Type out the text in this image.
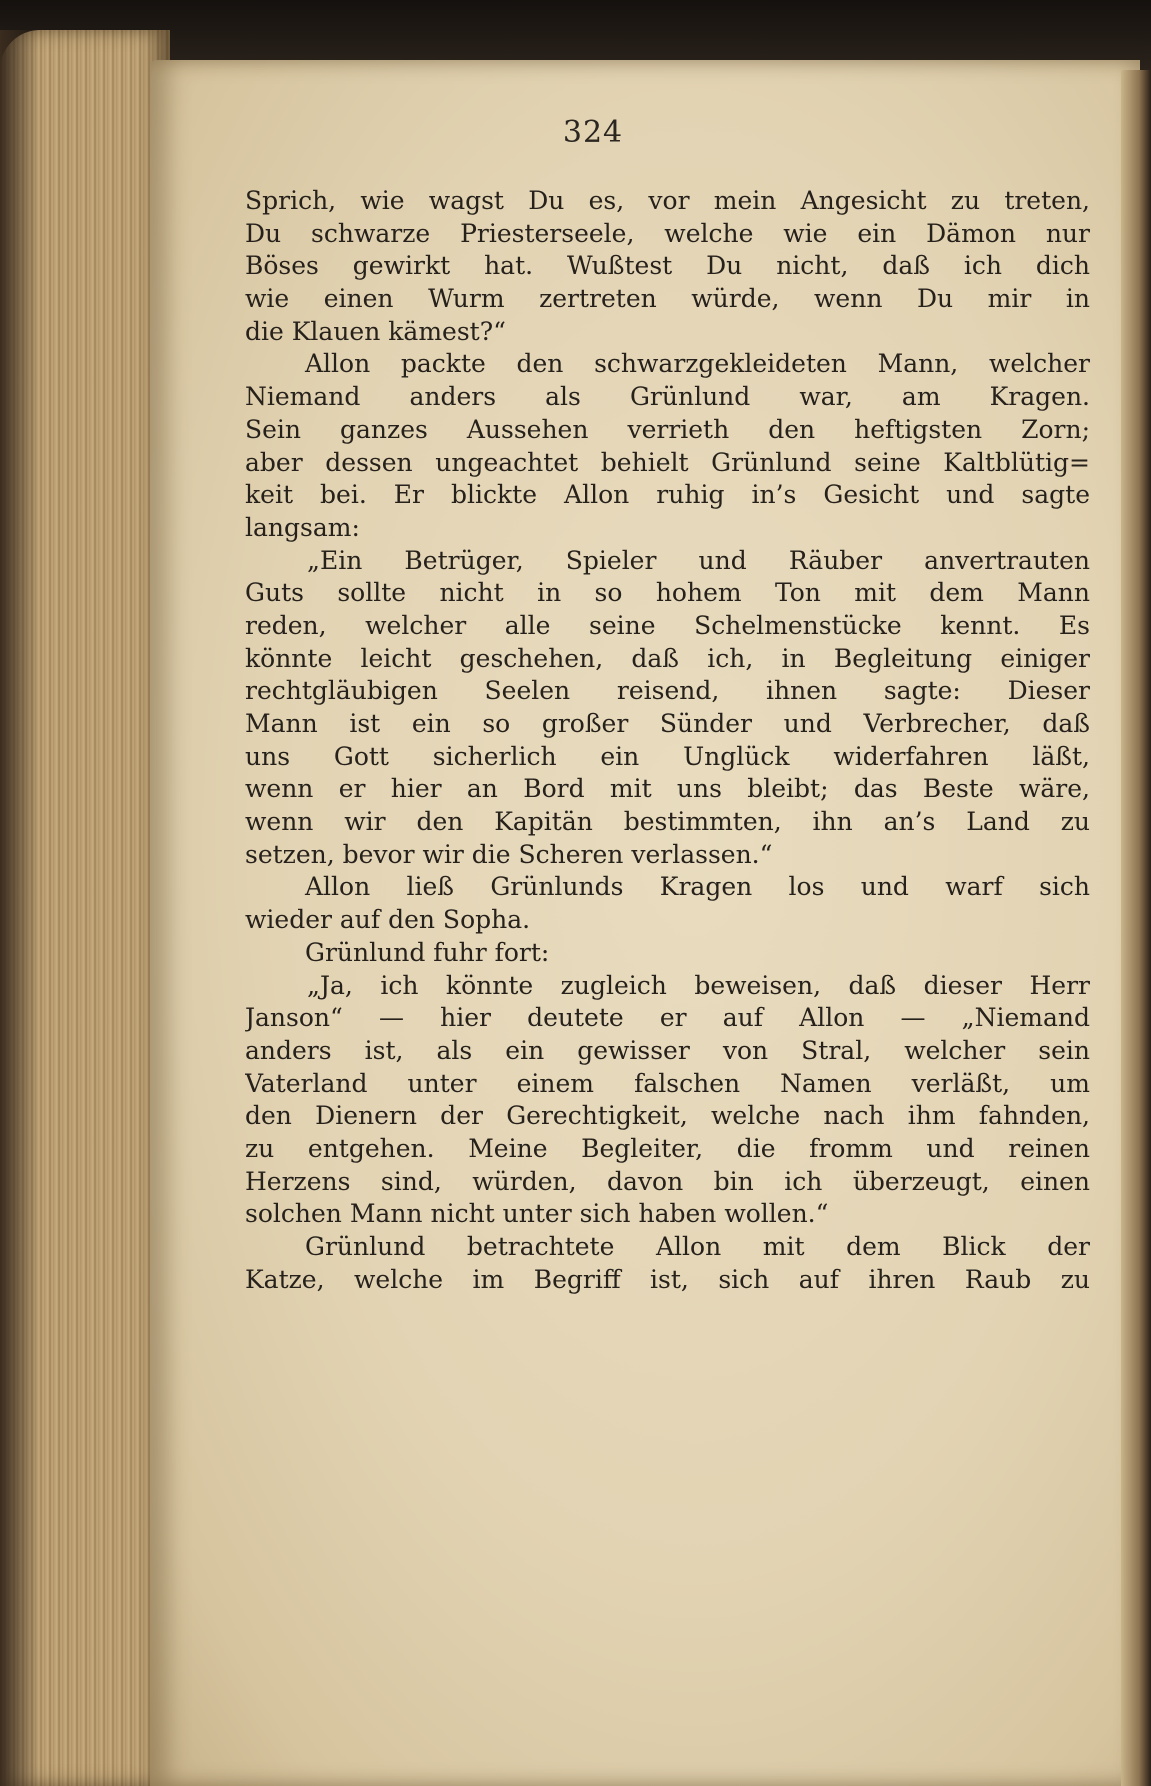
324
Sprich, wie wagst Du es, vor mein Angesicht zu treten,
Du schwarze Priesterseele, welche wie ein Dämon nur
Böses gewirkt hat. Wußtest Du nicht, daß ich dich
wie einen Wurm zertreten würde, wenn Du mir in
die Klauen kämest?“
Allon packte den schwarzgekleideten Mann, welcher
Niemand anders als Grünlund war, am Kragen.
Sein ganzes Aussehen verrieth den heftigsten Zorn;
aber dessen ungeachtet behielt Grünlund seine Kaltblütig=
keit bei. Er blickte Allon ruhig in’s Gesicht und sagte
langsam:
„Ein Betrüger, Spieler und Räuber anvertrauten
Guts sollte nicht in so hohem Ton mit dem Mann
reden, welcher alle seine Schelmenstücke kennt. Es
könnte leicht geschehen, daß ich, in Begleitung einiger
rechtgläubigen Seelen reisend, ihnen sagte: Dieser
Mann ist ein so großer Sünder und Verbrecher, daß
uns Gott sicherlich ein Unglück widerfahren läßt,
wenn er hier an Bord mit uns bleibt; das Beste wäre,
wenn wir den Kapitän bestimmten, ihn an’s Land zu
setzen, bevor wir die Scheren verlassen.“
Allon ließ Grünlunds Kragen los und warf sich
wieder auf den Sopha.
Grünlund fuhr fort:
„Ja, ich könnte zugleich beweisen, daß dieser Herr
Janson“ — hier deutete er auf Allon — „Niemand
anders ist, als ein gewisser von Stral, welcher sein
Vaterland unter einem falschen Namen verläßt, um
den Dienern der Gerechtigkeit, welche nach ihm fahnden,
zu entgehen. Meine Begleiter, die fromm und reinen
Herzens sind, würden, davon bin ich überzeugt, einen
solchen Mann nicht unter sich haben wollen.“
Grünlund betrachtete Allon mit dem Blick der
Katze, welche im Begriff ist, sich auf ihren Raub zu
